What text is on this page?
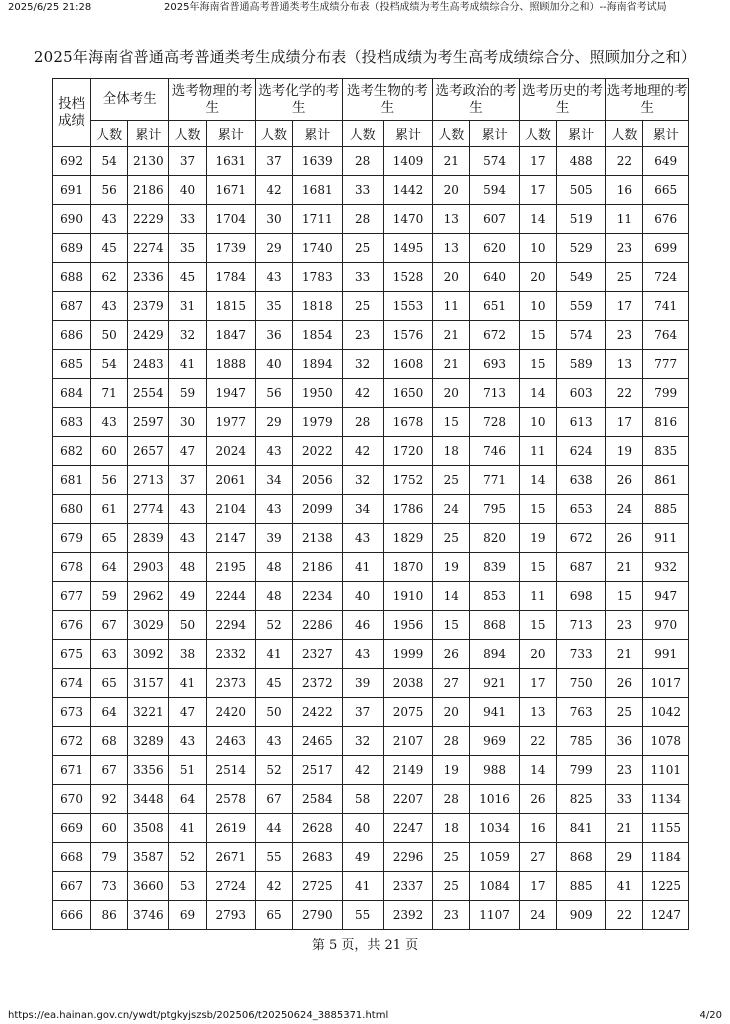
2025/6/25 21:28	2025年海南省普通高考普通类考生成绩分布表（投档成绩为考生高考成绩综合分、照顾加分之和）--海南省考试局
2025年海南省普通高考普通类考生成绩分布表（投档成绩为考生高考成绩综合分、照顾加分之和）
投档成绩	全体考生		选考物理的考生		选考化学的考生		选考生物的考生		选考政治的考生		选考历史的考生		选考地理的考生	
	人数	累计	人数	累计	人数	累计	人数	累计	人数	累计	人数	累计	人数	累计
692	54	2130	37	1631	37	1639	28	1409	21	574	17	488	22	649
691	56	2186	40	1671	42	1681	33	1442	20	594	17	505	16	665
690	43	2229	33	1704	30	1711	28	1470	13	607	14	519	11	676
689	45	2274	35	1739	29	1740	25	1495	13	620	10	529	23	699
688	62	2336	45	1784	43	1783	33	1528	20	640	20	549	25	724
687	43	2379	31	1815	35	1818	25	1553	11	651	10	559	17	741
686	50	2429	32	1847	36	1854	23	1576	21	672	15	574	23	764
685	54	2483	41	1888	40	1894	32	1608	21	693	15	589	13	777
684	71	2554	59	1947	56	1950	42	1650	20	713	14	603	22	799
683	43	2597	30	1977	29	1979	28	1678	15	728	10	613	17	816
682	60	2657	47	2024	43	2022	42	1720	18	746	11	624	19	835
681	56	2713	37	2061	34	2056	32	1752	25	771	14	638	26	861
680	61	2774	43	2104	43	2099	34	1786	24	795	15	653	24	885
679	65	2839	43	2147	39	2138	43	1829	25	820	19	672	26	911
678	64	2903	48	2195	48	2186	41	1870	19	839	15	687	21	932
677	59	2962	49	2244	48	2234	40	1910	14	853	11	698	15	947
676	67	3029	50	2294	52	2286	46	1956	15	868	15	713	23	970
675	63	3092	38	2332	41	2327	43	1999	26	894	20	733	21	991
674	65	3157	41	2373	45	2372	39	2038	27	921	17	750	26	1017
673	64	3221	47	2420	50	2422	37	2075	20	941	13	763	25	1042
672	68	3289	43	2463	43	2465	32	2107	28	969	22	785	36	1078
671	67	3356	51	2514	52	2517	42	2149	19	988	14	799	23	1101
670	92	3448	64	2578	67	2584	58	2207	28	1016	26	825	33	1134
669	60	3508	41	2619	44	2628	40	2247	18	1034	16	841	21	1155
668	79	3587	52	2671	55	2683	49	2296	25	1059	27	868	29	1184
667	73	3660	53	2724	42	2725	41	2337	25	1084	17	885	41	1225
666	86	3746	69	2793	65	2790	55	2392	23	1107	24	909	22	1247
第 5 页，共 21 页
https://ea.hainan.gov.cn/ywdt/ptgkyjszsb/202506/t20250624_3885371.html	4/20
